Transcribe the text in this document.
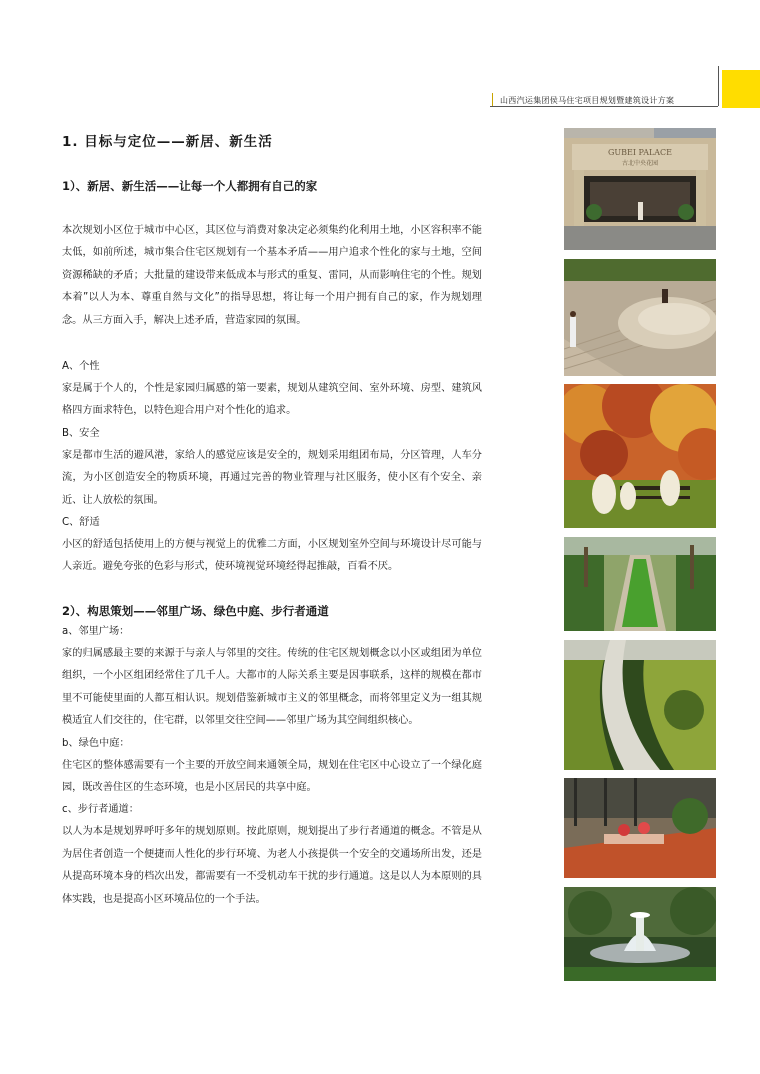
山西汽运集团侯马住宅项目规划暨建筑设计方案
1. 目标与定位——新居、新生活
1）、新居、新生活——让每一个人都拥有自己的家

本次规划小区位于城市中心区，其区位与消费对象决定必须集约化利用土地，小区容积率不能太低，如前所述，城市集合住宅区规划有一个基本矛盾——用户追求个性化的家与土地，空间资源稀缺的矛盾；大批量的建设带来低成本与形式的重复、雷同，从而影响住宅的个性。规划本着”以人为本、尊重自然与文化”的指导思想，将让每一个用户拥有自己的家，作为规划理念。从三方面入手，解决上述矛盾，营造家园的氛围。

A、个性

家是属于个人的，个性是家园归属感的第一要素，规划从建筑空间、室外环境、房型、建筑风格四方面求特色，以特色迎合用户对个性化的追求。

B、安全

家是都市生活的避风港，家给人的感觉应该是安全的，规划采用组团布局，分区管理，人车分流，为小区创造安全的物质环境，再通过完善的物业管理与社区服务，使小区有个安全、亲近、让人放松的氛围。

C、舒适

小区的舒适包括使用上的方便与视觉上的优雅二方面，小区规划室外空间与环境设计尽可能与人亲近。避免夸张的色彩与形式，使环境视觉环境经得起推敲，百看不厌。

2）、构思策划——邻里广场、绿色中庭、步行者通道
a、邻里广场：

家的归属感最主要的来源于与亲人与邻里的交往。传统的住宅区规划概念以小区或组团为单位组织，一个小区组团经常住了几千人。大都市的人际关系主要是因事联系，这样的规模在都市里不可能使里面的人都互相认识。规划借鉴新城市主义的邻里概念，而将邻里定义为一组其规模适宜人们交往的，住宅群，以邻里交往空间——邻里广场为其空间组织核心。

b、绿色中庭：

住宅区的整体感需要有一个主要的开放空间来通领全局，规划在住宅区中心设立了一个绿化庭园，既改善住区的生态环境，也是小区居民的共享中庭。

c、步行者通道：

以人为本是规划界呼吁多年的规划原则。按此原则，规划提出了步行者通道的概念。不管是从为居住者创造一个便捷而人性化的步行环境、为老人小孩提供一个安全的交通场所出发，还是从提高环境本身的档次出发，都需要有一不受机动车干扰的步行通道。这是以人为本原则的具体实践，也是提高小区环境品位的一个手法。

GUBEI PALACE
古北中央花园
